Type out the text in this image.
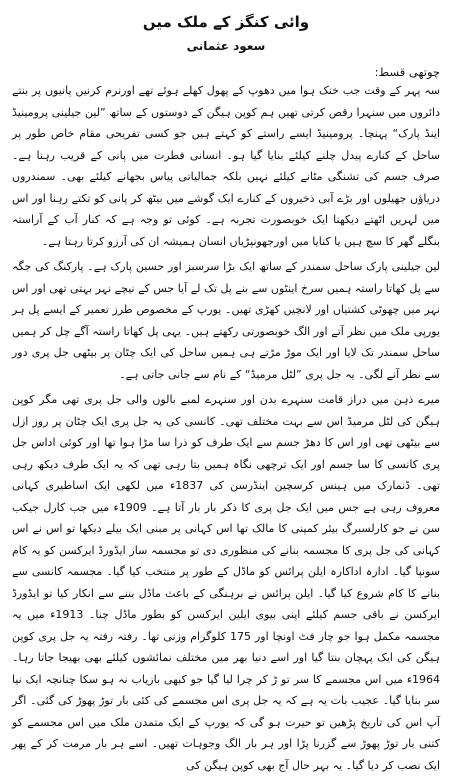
وائی کنگز کے ملک میں
سعود عثمانی
چوتھی قسط:

سہ پہر کے وقت جب خنک ہوا میں دھوپ کے پھول کھلے ہوئے تھے اورنرم کرنیں پانیوں پر بنتے دائروں میں سنہرا رقص کرتی تھیں ہم کوپن ہیگن کے دوستوں کے ساتھ ”لین جیلینی پرومینیڈ اینڈ پارک“ پہنچا۔ پرومینیڈ ایسے راستے کو کہتے ہیں جو کسی تفریحی مقام خاص طور پر ساحل کے کنارے پیدل چلنے کیلئے بنایا گیا ہو۔ انسانی فطرت میں پانی کے قریب رہنا ہے۔ صرف جسم کی تشنگی مٹانے کیلئے نہیں بلکہ جمالیاتی پیاس بجھانے کیلئے بھی۔ سمندروں دریاؤں جھیلوں اور بڑے آبی ذخیروں کے کنارے ایک گوشے میں بیٹھ کر پانی کو تکتے رہنا اور اس میں لہریں اٹھتے دیکھنا ایک خوبصورت تجربہ ہے۔ کوئی تو وجہ ہے کہ کنار آب کے آراستہ بنگلے گھر کا سچ ہیں یا کنایا میں اورجھونپڑیاں انسان ہمیشہ ان کی آرزو کرتا رہتا ہے۔

لین جیلینی پارک ساحل سمندر کے ساتھ ایک بڑا سرسبز اور حسین پارک ہے۔ پارکنگ کی جگہ سے پل کھاتا راستہ ہمیں سرخ اینٹوں سے بنے پل تک لے آیا جس کے نیچے نہر بہتی تھی اور اس نہر میں چھوٹی کشتیاں اور لانچیں کھڑی تھیں۔ یورپ کے مخصوص طرز تعمیر کے ایسے پل ہر یورپی ملک میں نظر آتے اور الگ خوبصورتی رکھتے ہیں۔ یہی پل کھاتا راستہ آگے چل کر ہمیں ساحل سمندر تک لایا اور ایک موڑ مڑتے ہی ہمیں ساحل کی ایک چٹان پر بیٹھی جل پری دور سے نظر آنے لگی۔ یہ جل پری ”لٹل مرمیڈ“ کے نام سے جانی جاتی ہے۔

میرے ذہن میں دراز قامت سنہرے بدن اور سنہرے لمبے بالوں والی جل پری تھی مگر کوپن ہیگن کی لٹل مرمیڈ اس سے بہت مختلف تھی۔ کانسی کی یہ جل پری ایک چٹان پر روز ازل سے بیٹھی تھی اور اس کا دھڑ جسم سے ایک طرف کو ذرا سا مڑا ہوا تھا اور کوئی اداس جل پری کانسی کا سا جسم اور ایک ترچھی نگاہ ہمیں بتا رہی تھی کہ یہ ایک طرف دیکھ رہی تھی۔ ڈنمارک میں ہینس کرسچین اینڈرسن کی 1837ء میں لکھی ایک اساطیری کہانی معروف رہی ہے جس میں ایک جل پری کا ذکر بار بار آتا ہے۔ 1909ء میں جب کارل جیکب سن نے جو کارلسبرگ بیئر کمپنی کا مالک تھا اس کہانی پر مبنی ایک بیلے دیکھا تو اس نے اس کہانی کی جل پری کا مجسمہ بنانے کی منظوری دی تو مجسمہ ساز ایڈورڈ ایرکسن کو یہ کام سونپا گیا۔ ادارہ اداکارہ ایلن پرائس کو ماڈل کے طور پر منتخب کیا گیا۔ مجسمہ کانسی سے بنانے کا کام شروع کیا گیا۔ ایلن پرائس نے برہنگی کے باعث ماڈل بننے سے انکار کیا تو ایڈورڈ ایرکسن نے باقی جسم کیلئے اپنی بیوی ایلین ایرکسن کو بطور ماڈل چنا۔ 1913ء میں یہ مجسمہ مکمل ہوا جو چار فٹ اونچا اور 175 کلوگرام وزنی تھا۔ رفتہ رفتہ یہ جل پری کوپن ہیگن کی ایک پہچان بنتا گیا اور اسے دنیا بھر میں مختلف نمائشوں کیلئے بھی بھیجا جاتا رہا۔ 1964ء میں اس مجسمے کا سر تو ڑ کر چرا لیا گیا جو کبھی بازیاب نہ ہو سکا چنانچہ ایک نیا سر بنایا گیا۔ عجیب بات یہ ہے کہ یہ جل پری اس مجسمے کی کئی بار توڑ پھوڑ کی گئی۔ اگر آپ اس کی تاریخ پڑھیں تو حیرت ہو گی کہ یورپ کے ایک متمدن ملک میں اس مجسمے کو کتنی بار توڑ پھوڑ سے گزرنا پڑا اور ہر بار الگ وجوہات تھیں۔ اسے ہر بار مرمت کر کے پھر ایک نصب کر دیا گیا۔ یہ بہر حال آج بھی کوپن ہیگن کی
